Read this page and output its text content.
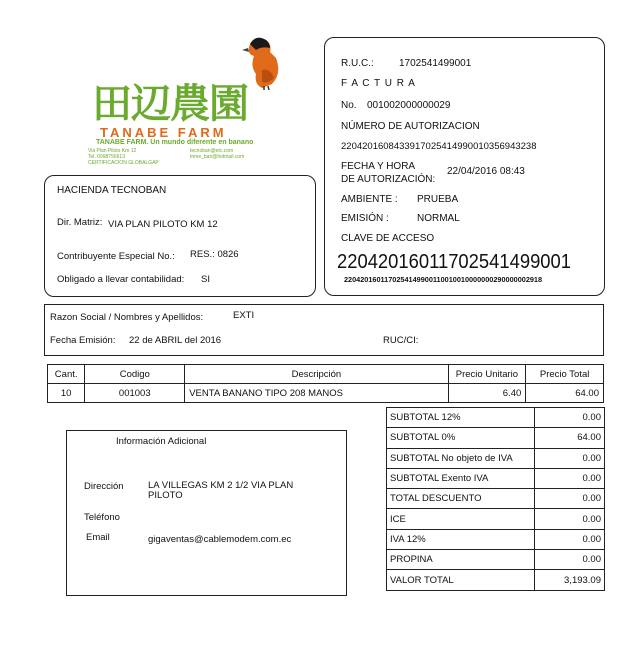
田辺農園
TANABE FARM
TANABE FARM. Un mundo diferente en banano
Via Plan Piloto Km 12
Tel. 0998756613
CERTIFICACION GLOBALGAP
tecnoban@etc.com
tnme_ban@hotmail.com
R.U.C.:	1702541499001
F A C T U R A
No. 001002000000029
NÚMERO DE AUTORIZACION
2204201608433917025414990010356943238
FECHA Y HORA
DE AUTORIZACIÓN:
22/04/2016 08:43
AMBIENTE : PRUEBA
EMISIÓN :	NORMAL
CLAVE DE ACCESO
22042016011702541499001
2204201601170254149900110010010000000290000002918
HACIENDA TECNOBAN
Dir. Matriz: VIA PLAN PILOTO KM 12
Contribuyente Especial No.: RES.: 0826
Obligado a llevar contabilidad: SI
Razon Social / Nombres y Apellidos:	EXTI
Fecha Emisión: 22 de ABRIL del 2016	RUC/CI:
Cant.	Codigo	Descripción	Precio Unitario	Precio Total
10	001003	VENTA BANANO TIPO 208 MANOS	6.40	64.00
Información Adicional
Dirección	LA VILLEGAS KM 2 1/2 VIA PLAN
PILOTO
Teléfono
Email	gigaventas@cablemodem.com.ec
SUBTOTAL 12%	0.00
SUBTOTAL 0%	64.00
SUBTOTAL No objeto de IVA	0.00
SUBTOTAL Exento IVA	0.00
TOTAL DESCUENTO	0.00
ICE	0.00
IVA 12%	0.00
PROPINA	0.00
VALOR TOTAL	3,193.09
